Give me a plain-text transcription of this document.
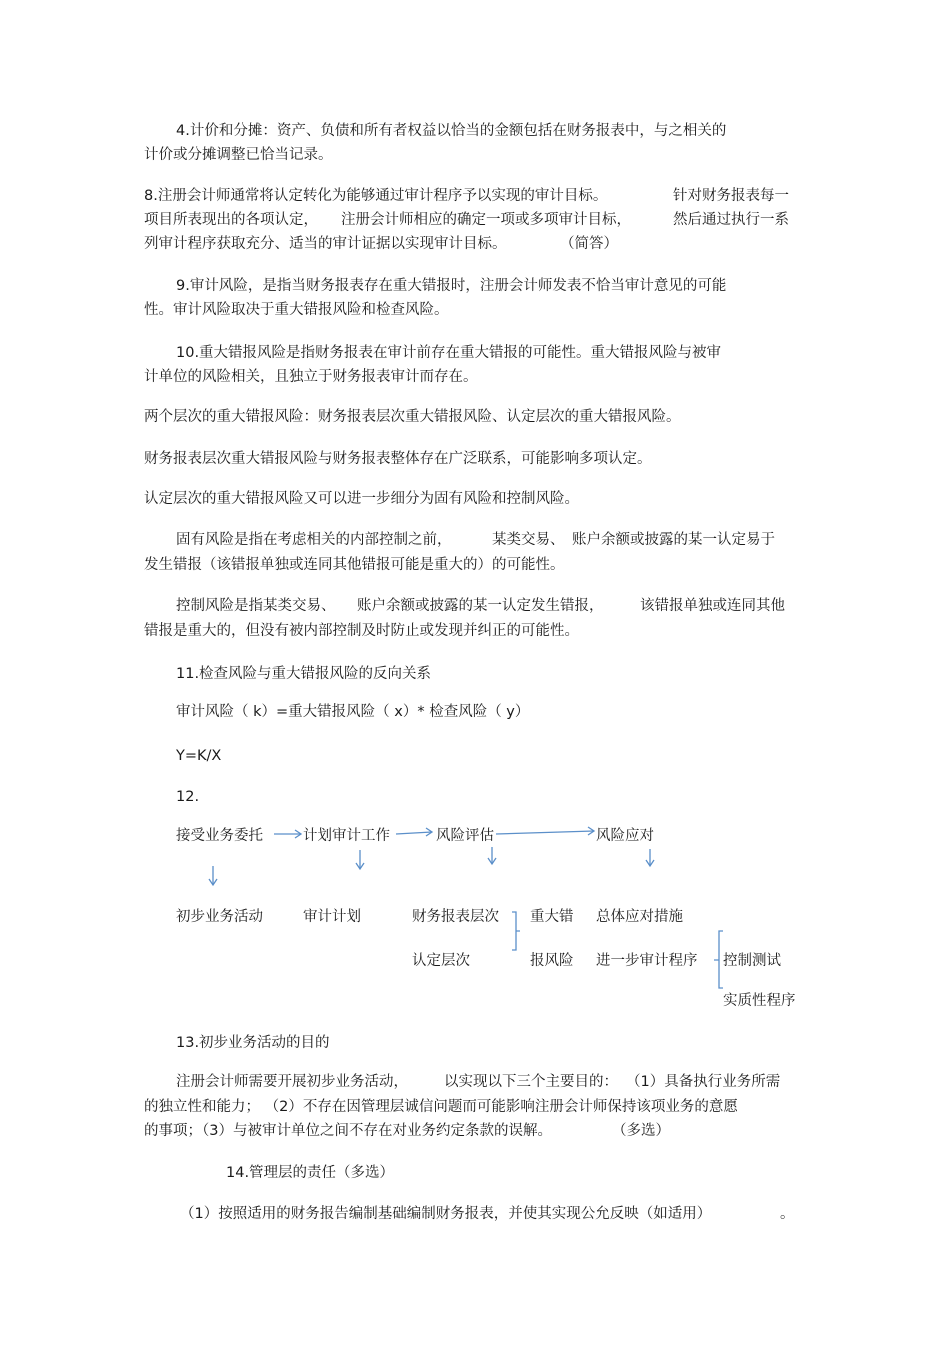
4.计价和分摊：资产、负债和所有者权益以恰当的金额包括在财务报表中，与之相关的
计价或分摊调整已恰当记录。
8.注册会计师通常将认定转化为能够通过审计程序予以实现的审计目标。	针对财务报表每一
项目所表现出的各项认定， 注册会计师相应的确定一项或多项审计目标，	然后通过执行一系
列审计程序获取充分、适当的审计证据以实现审计目标。	（简答）
9.审计风险，是指当财务报表存在重大错报时，注册会计师发表不恰当审计意见的可能
性。审计风险取决于重大错报风险和检查风险。
10.重大错报风险是指财务报表在审计前存在重大错报的可能性。重大错报风险与被审
计单位的风险相关，且独立于财务报表审计而存在。
两个层次的重大错报风险：财务报表层次重大错报风险、认定层次的重大错报风险。
财务报表层次重大错报风险与财务报表整体存在广泛联系，可能影响多项认定。
认定层次的重大错报风险又可以进一步细分为固有风险和控制风险。
固有风险是指在考虑相关的内部控制之前，	某类交易、 账户余额或披露的某一认定易于
发生错报（该错报单独或连同其他错报可能是重大的）的可能性。
控制风险是指某类交易、 账户余额或披露的某一认定发生错报，	该错报单独或连同其他
错报是重大的，但没有被内部控制及时防止或发现并纠正的可能性。
11.检查风险与重大错报风险的反向关系
审计风险（ k）=重大错报风险（ x）* 检查风险（ y）
Y=K/X
12.
接受业务委托	计划审计工作	风险评估	风险应对
初步业务活动	审计计划	财务报表层次
认定层次
重大错
报风险
总体应对措施
进一步审计程序 控制测试
实质性程序
13.初步业务活动的目的
注册会计师需要开展初步业务活动， 以实现以下三个主要目的： （1）具备执行业务所需
的独立性和能力； （2）不存在因管理层诚信问题而可能影响注册会计师保持该项业务的意愿
的事项；（3）与被审计单位之间不存在对业务约定条款的误解。	（多选）
14.管理层的责任（多选）
（1）按照适用的财务报告编制基础编制财务报表，并使其实现公允反映（如适用）	。
